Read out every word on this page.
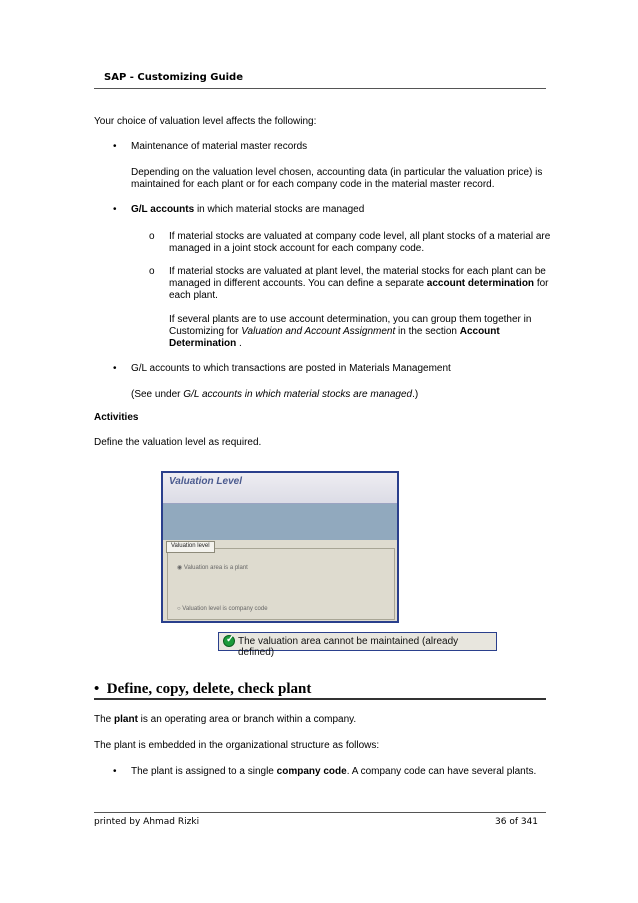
SAP - Customizing Guide
Your choice of valuation level affects the following:
• Maintenance of material master records
Depending on the valuation level chosen, accounting data (in particular the valuation price) is
maintained for each plant or for each company code in the material master record.
• G/L accounts in which material stocks are managed
o If material stocks are valuated at company code level, all plant stocks of a material are
managed in a joint stock account for each company code.
o If material stocks are valuated at plant level, the material stocks for each plant can be
managed in different accounts. You can define a separate account determination for
each plant.
If several plants are to use account determination, you can group them together in
Customizing for Valuation and Account Assignment in the section Account
Determination .
• G/L accounts to which transactions are posted in Materials Management
(See under G/L accounts in which material stocks are managed.)
Activities
Define the valuation level as required.
Valuation Level
Valuation level
◉ Valuation area is a plant
○ Valuation level is company code
✓
The valuation area cannot be maintained (already defined)
• Define, copy, delete, check plant
The plant is an operating area or branch within a company.
The plant is embedded in the organizational structure as follows:
• The plant is assigned to a single company code. A company code can have several plants.
printed by Ahmad Rizki	36 of 341
